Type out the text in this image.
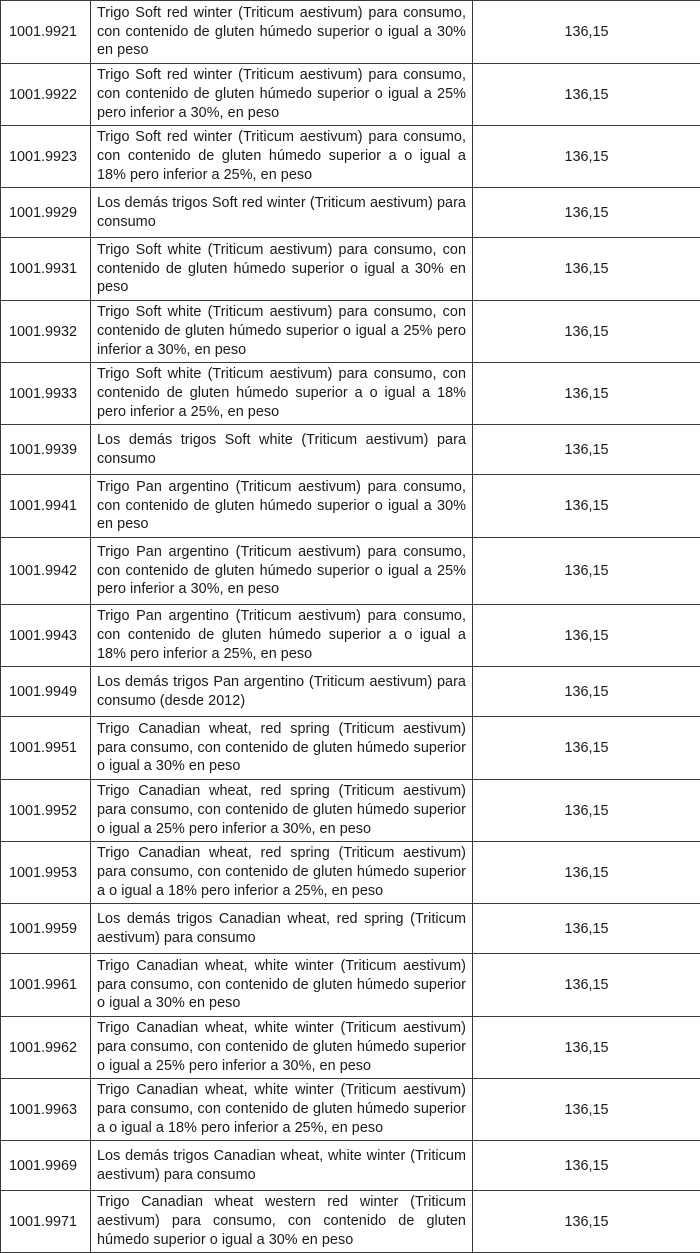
1001.9921	Trigo Soft red winter (Triticum aestivum) para consumo, con contenido de gluten húmedo superior o igual a 30% en peso	136,15
1001.9922	Trigo Soft red winter (Triticum aestivum) para consumo, con contenido de gluten húmedo superior o igual a 25% pero inferior a 30%, en peso	136,15
1001.9923	Trigo Soft red winter (Triticum aestivum) para consumo, con contenido de gluten húmedo superior a o igual a 18% pero inferior a 25%, en peso	136,15
1001.9929	Los demás trigos Soft red winter (Triticum aestivum) para consumo	136,15
1001.9931	Trigo Soft white (Triticum aestivum) para consumo, con contenido de gluten húmedo superior o igual a 30% en peso	136,15
1001.9932	Trigo Soft white (Triticum aestivum) para consumo, con contenido de gluten húmedo superior o igual a 25% pero inferior a 30%, en peso	136,15
1001.9933	Trigo Soft white (Triticum aestivum) para consumo, con contenido de gluten húmedo superior a o igual a 18% pero inferior a 25%, en peso	136,15
1001.9939	Los demás trigos Soft white (Triticum aestivum) para consumo	136,15
1001.9941	Trigo Pan argentino (Triticum aestivum) para consumo, con contenido de gluten húmedo superior o igual a 30% en peso	136,15
1001.9942	Trigo Pan argentino (Triticum aestivum) para consumo, con contenido de gluten húmedo superior o igual a 25% pero inferior a 30%, en peso	136,15
1001.9943	Trigo Pan argentino (Triticum aestivum) para consumo, con contenido de gluten húmedo superior a o igual a 18% pero inferior a 25%, en peso	136,15
1001.9949	Los demás trigos Pan argentino (Triticum aestivum) para consumo (desde 2012)	136,15
1001.9951	Trigo Canadian wheat, red spring (Triticum aestivum) para consumo, con contenido de gluten húmedo superior o igual a 30% en peso	136,15
1001.9952	Trigo Canadian wheat, red spring (Triticum aestivum) para consumo, con contenido de gluten húmedo superior o igual a 25% pero inferior a 30%, en peso	136,15
1001.9953	Trigo Canadian wheat, red spring (Triticum aestivum) para consumo, con contenido de gluten húmedo superior a o igual a 18% pero inferior a 25%, en peso	136,15
1001.9959	Los demás trigos Canadian wheat, red spring (Triticum aestivum) para consumo	136,15
1001.9961	Trigo Canadian wheat, white winter (Triticum aestivum) para consumo, con contenido de gluten húmedo superior o igual a 30% en peso	136,15
1001.9962	Trigo Canadian wheat, white winter (Triticum aestivum) para consumo, con contenido de gluten húmedo superior o igual a 25% pero inferior a 30%, en peso	136,15
1001.9963	Trigo Canadian wheat, white winter (Triticum aestivum) para consumo, con contenido de gluten húmedo superior a o igual a 18% pero inferior a 25%, en peso	136,15
1001.9969	Los demás trigos Canadian wheat, white winter (Triticum aestivum) para consumo	136,15
1001.9971	Trigo Canadian wheat western red winter (Triticum aestivum) para consumo, con contenido de gluten húmedo superior o igual a 30% en peso	136,15
